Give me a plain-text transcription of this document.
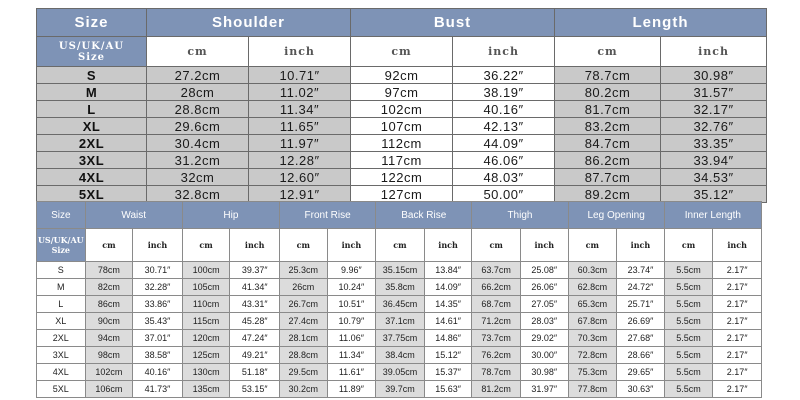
Size	Shoulder		Bust		Length	

US/UK/AU
Size	cm	inch	cm	inch	cm	inch
S	27.2cm	10.71″	92cm	36.22″	78.7cm	30.98″
M	28cm	11.02″	97cm	38.19″	80.2cm	31.57″
L	28.8cm	11.34″	102cm	40.16″	81.7cm	32.17″
XL	29.6cm	11.65″	107cm	42.13″	83.2cm	32.76″
2XL	30.4cm	11.97″	112cm	44.09″	84.7cm	33.35″
3XL	31.2cm	12.28″	117cm	46.06″	86.2cm	33.94″
4XL	32cm	12.60″	122cm	48.03″	87.7cm	34.53″
5XL	32.8cm	12.91″	127cm	50.00″	89.2cm	35.12″
Size	Waist		Hip		Front Rise		Back Rise		Thigh		Leg Opening		Inner Length	

US/UK/AU
Size	cm	inch	cm	inch	cm	inch	cm	inch	cm	inch	cm	inch	cm	inch
S	78cm	30.71″	100cm	39.37″	25.3cm	9.96″	35.15cm	13.84″	63.7cm	25.08″	60.3cm	23.74″	5.5cm	2.17″
M	82cm	32.28″	105cm	41.34″	26cm	10.24″	35.8cm	14.09″	66.2cm	26.06″	62.8cm	24.72″	5.5cm	2.17″
L	86cm	33.86″	110cm	43.31″	26.7cm	10.51″	36.45cm	14.35″	68.7cm	27.05″	65.3cm	25.71″	5.5cm	2.17″
XL	90cm	35.43″	115cm	45.28″	27.4cm	10.79″	37.1cm	14.61″	71.2cm	28.03″	67.8cm	26.69″	5.5cm	2.17″
2XL	94cm	37.01″	120cm	47.24″	28.1cm	11.06″	37.75cm	14.86″	73.7cm	29.02″	70.3cm	27.68″	5.5cm	2.17″
3XL	98cm	38.58″	125cm	49.21″	28.8cm	11.34″	38.4cm	15.12″	76.2cm	30.00″	72.8cm	28.66″	5.5cm	2.17″
4XL	102cm	40.16″	130cm	51.18″	29.5cm	11.61″	39.05cm	15.37″	78.7cm	30.98″	75.3cm	29.65″	5.5cm	2.17″
5XL	106cm	41.73″	135cm	53.15″	30.2cm	11.89″	39.7cm	15.63″	81.2cm	31.97″	77.8cm	30.63″	5.5cm	2.17″
